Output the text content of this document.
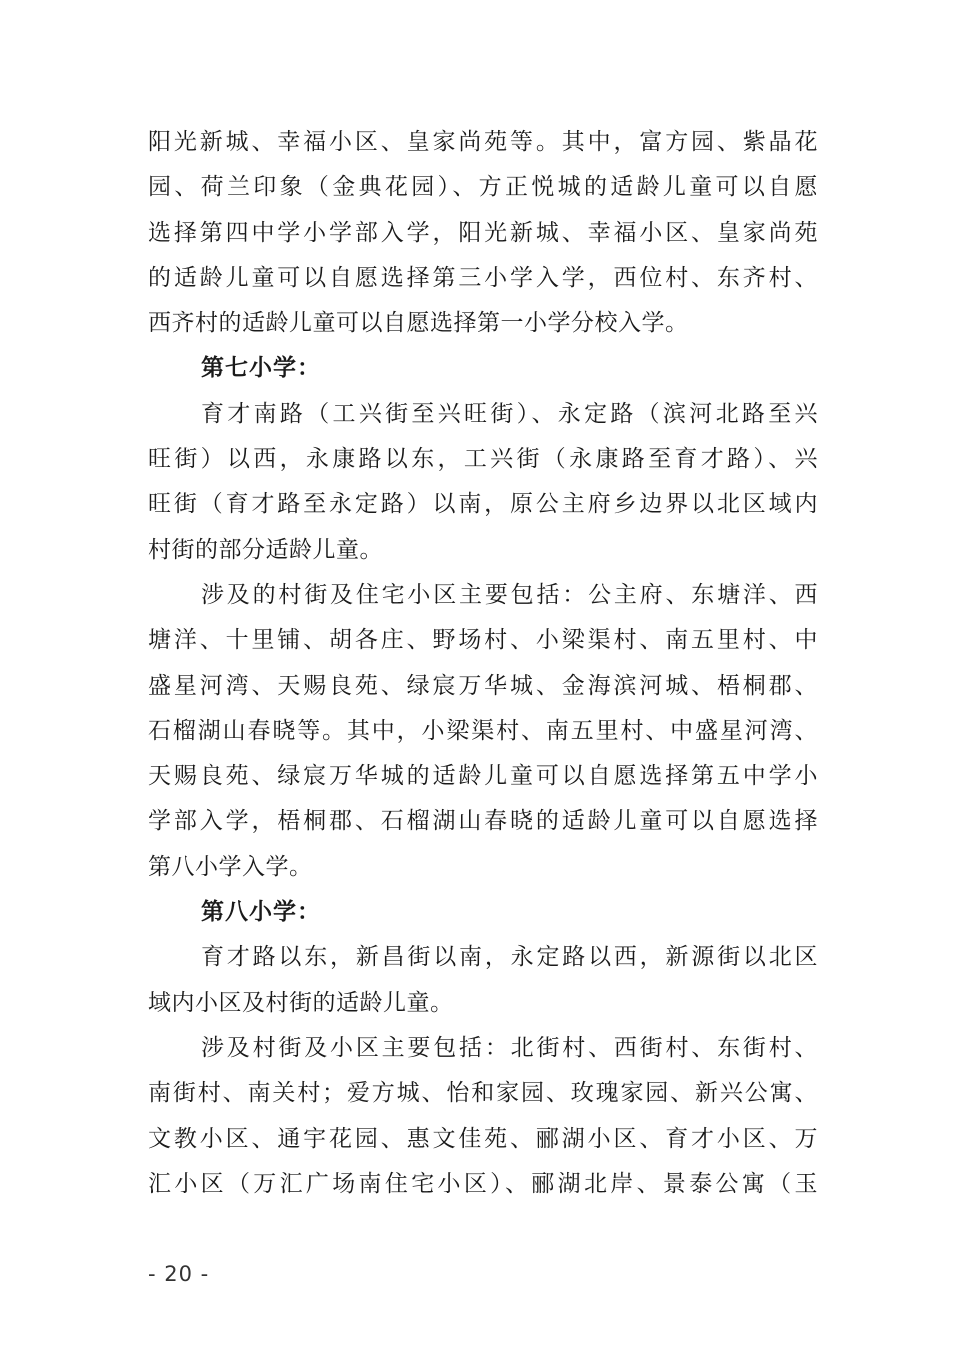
阳光新城、幸福小区、皇家尚苑等。其中，富方园、紫晶花
园、荷兰印象（金典花园）、方正悦城的适龄儿童可以自愿
选择第四中学小学部入学，阳光新城、幸福小区、皇家尚苑
的适龄儿童可以自愿选择第三小学入学，西位村、东齐村、
西齐村的适龄儿童可以自愿选择第一小学分校入学。
第七小学：
育才南路（工兴街至兴旺街）、永定路（滨河北路至兴
旺街）以西，永康路以东，工兴街（永康路至育才路）、兴
旺街（育才路至永定路）以南，原公主府乡边界以北区域内
村街的部分适龄儿童。
涉及的村街及住宅小区主要包括：公主府、东塘洋、西
塘洋、十里铺、胡各庄、野场村、小梁渠村、南五里村、中
盛星河湾、天赐良苑、绿宸万华城、金海滨河城、梧桐郡、
石榴湖山春晓等。其中，小梁渠村、南五里村、中盛星河湾、
天赐良苑、绿宸万华城的适龄儿童可以自愿选择第五中学小
学部入学，梧桐郡、石榴湖山春晓的适龄儿童可以自愿选择
第八小学入学。
第八小学：
育才路以东，新昌街以南，永定路以西，新源街以北区
域内小区及村街的适龄儿童。
涉及村街及小区主要包括：北街村、西街村、东街村、
南街村、南关村；爱方城、怡和家园、玫瑰家园、新兴公寓、
文教小区、通宇花园、惠文佳苑、郦湖小区、育才小区、万
汇小区（万汇广场南住宅小区）、郦湖北岸、景泰公寓（玉
- 20 -
